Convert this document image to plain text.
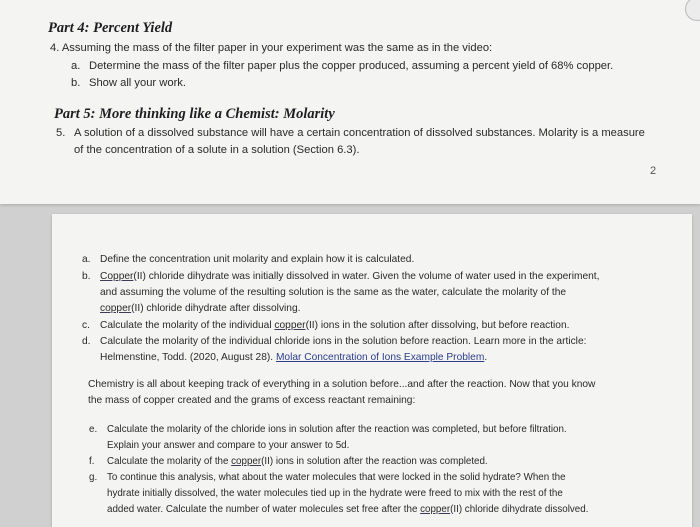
Part 4: Percent Yield
4. Assuming the mass of the filter paper in your experiment was the same as in the video:
a. Determine the mass of the filter paper plus the copper produced, assuming a percent yield of 68% copper.
b. Show all your work.
Part 5: More thinking like a Chemist: Molarity
5. A solution of a dissolved substance will have a certain concentration of dissolved substances. Molarity is a measure
of the concentration of a solute in a solution (Section 6.3).
2
a. Define the concentration unit molarity and explain how it is calculated.
b. Copper(II) chloride dihydrate was initially dissolved in water. Given the volume of water used in the experiment,
and assuming the volume of the resulting solution is the same as the water, calculate the molarity of the
copper(II) chloride dihydrate after dissolving.
c. Calculate the molarity of the individual copper(II) ions in the solution after dissolving, but before reaction.
d. Calculate the molarity of the individual chloride ions in the solution before reaction. Learn more in the article:
Helmenstine, Todd. (2020, August 28). Molar Concentration of Ions Example Problem.
Chemistry is all about keeping track of everything in a solution before...and after the reaction. Now that you know
the mass of copper created and the grams of excess reactant remaining:
e. Calculate the molarity of the chloride ions in solution after the reaction was completed, but before filtration.
Explain your answer and compare to your answer to 5d.
f. Calculate the molarity of the copper(II) ions in solution after the reaction was completed.
g. To continue this analysis, what about the water molecules that were locked in the solid hydrate? When the
hydrate initially dissolved, the water molecules tied up in the hydrate were freed to mix with the rest of the
added water. Calculate the number of water molecules set free after the copper(II) chloride dihydrate dissolved.
